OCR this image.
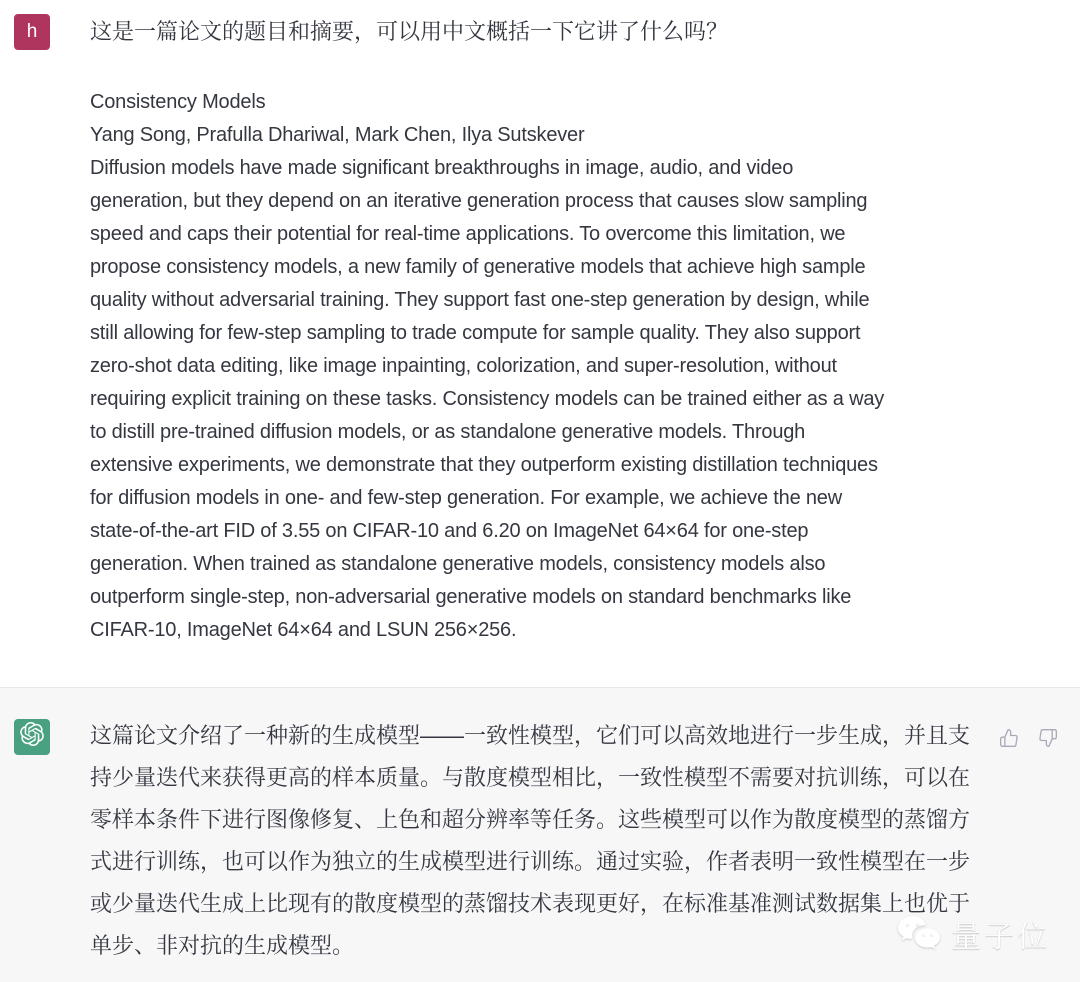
h 这是一篇论文的题目和摘要，可以用中文概括一下它讲了什么吗？
Consistency Models
Yang Song, Prafulla Dhariwal, Mark Chen, Ilya Sutskever
Diffusion models have made significant breakthroughs in image, audio, and video
generation, but they depend on an iterative generation process that causes slow sampling
speed and caps their potential for real-time applications. To overcome this limitation, we
propose consistency models, a new family of generative models that achieve high sample
quality without adversarial training. They support fast one-step generation by design, while
still allowing for few-step sampling to trade compute for sample quality. They also support
zero-shot data editing, like image inpainting, colorization, and super-resolution, without
requiring explicit training on these tasks. Consistency models can be trained either as a way
to distill pre-trained diffusion models, or as standalone generative models. Through
extensive experiments, we demonstrate that they outperform existing distillation techniques
for diffusion models in one- and few-step generation. For example, we achieve the new
state-of-the-art FID of 3.55 on CIFAR-10 and 6.20 on ImageNet 64×64 for one-step
generation. When trained as standalone generative models, consistency models also
outperform single-step, non-adversarial generative models on standard benchmarks like
CIFAR-10, ImageNet 64×64 and LSUN 256×256.
这篇论文介绍了一种新的生成模型——一致性模型，它们可以高效地进行一步生成，并且支
持少量迭代来获得更高的样本质量。与散度模型相比，一致性模型不需要对抗训练，可以在
零样本条件下进行图像修复、上色和超分辨率等任务。这些模型可以作为散度模型的蒸馏方
式进行训练，也可以作为独立的生成模型进行训练。通过实验，作者表明一致性模型在一步
或少量迭代生成上比现有的散度模型的蒸馏技术表现更好，在标准基准测试数据集上也优于
单步、非对抗的生成模型。	量子位
